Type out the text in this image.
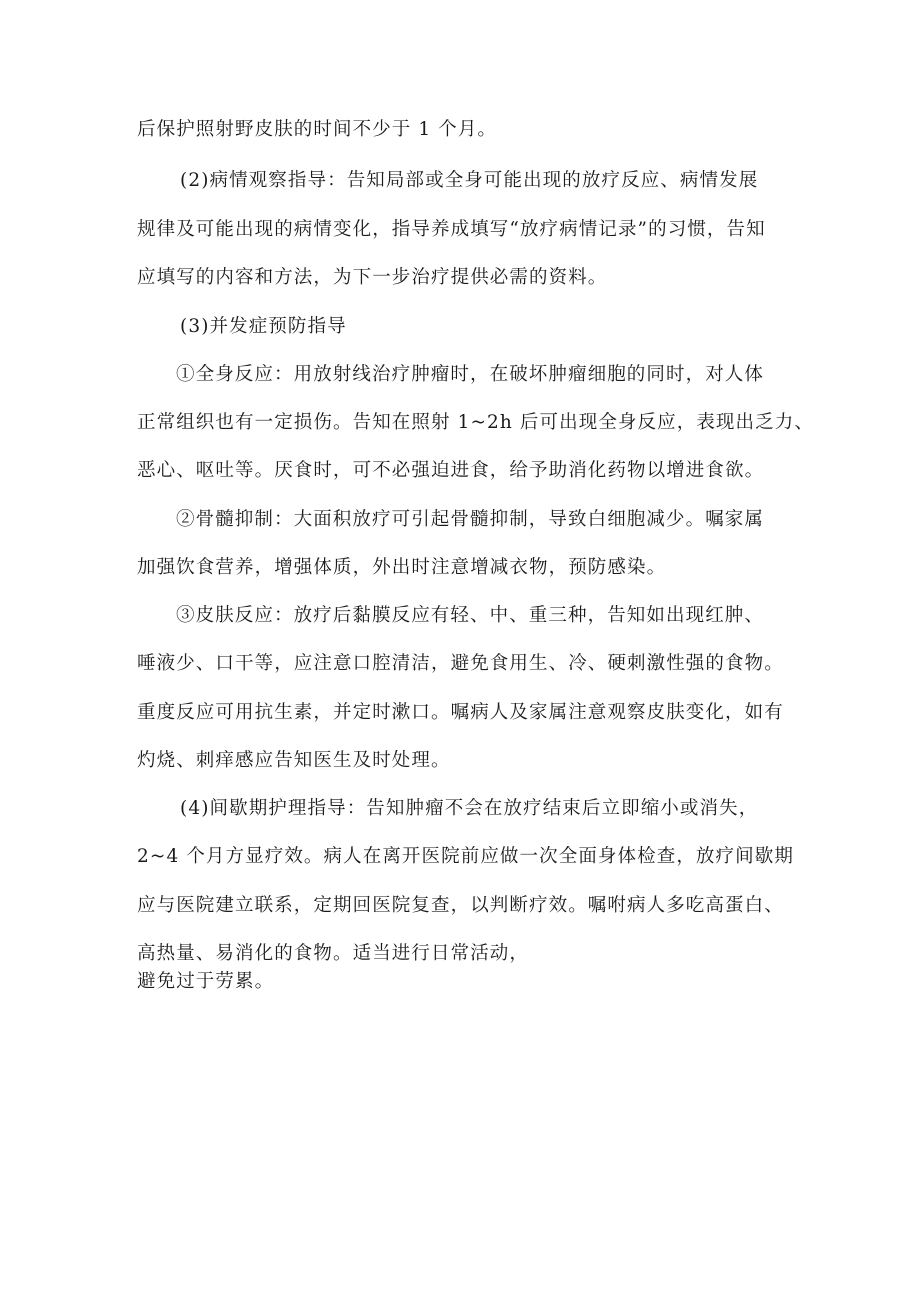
后保护照射野皮肤的时间不少于 1 个月。
(2)病情观察指导：告知局部或全身可能出现的放疗反应、病情发展
规律及可能出现的病情变化，指导养成填写“放疗病情记录”的习惯，告知
应填写的内容和方法，为下一步治疗提供必需的资料。
(3)并发症预防指导
①全身反应：用放射线治疗肿瘤时，在破坏肿瘤细胞的同时，对人体
正常组织也有一定损伤。告知在照射 1~2h 后可出现全身反应，表现出乏力、
恶心、呕吐等。厌食时，可不必强迫进食，给予助消化药物以增进食欲。
②骨髓抑制：大面积放疗可引起骨髓抑制，导致白细胞减少。嘱家属
加强饮食营养，增强体质，外出时注意增减衣物，预防感染。
③皮肤反应：放疗后黏膜反应有轻、中、重三种，告知如出现红肿、
唾液少、口干等，应注意口腔清洁，避免食用生、冷、硬刺激性强的食物。
重度反应可用抗生素，并定时漱口。嘱病人及家属注意观察皮肤变化，如有
灼烧、刺痒感应告知医生及时处理。
(4)间歇期护理指导：告知肿瘤不会在放疗结束后立即缩小或消失，
2~4 个月方显疗效。病人在离开医院前应做一次全面身体检查，放疗间歇期
应与医院建立联系，定期回医院复查，以判断疗效。嘱咐病人多吃高蛋白、
高热量、易消化的食物。适当进行日常活动，
避免过于劳累。
